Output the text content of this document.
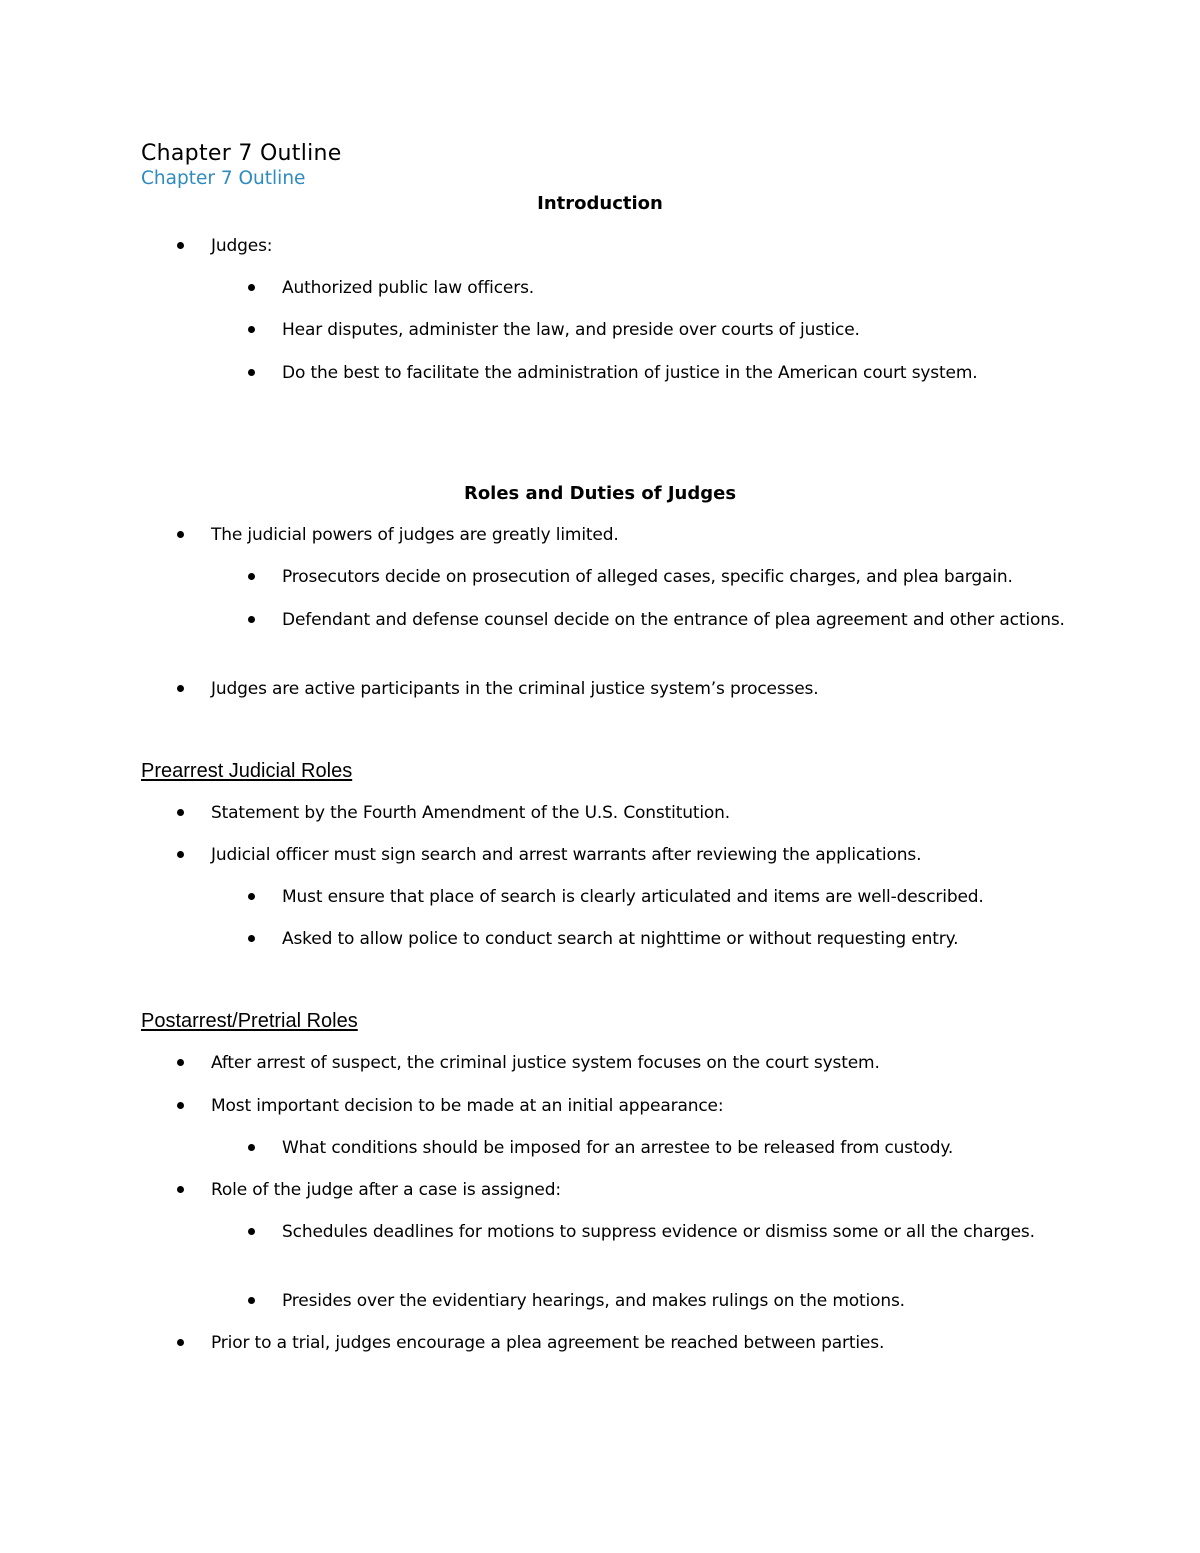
Chapter 7 Outline
Chapter 7 Outline
Introduction
Judges:
Authorized public law officers.
Hear disputes, administer the law, and preside over courts of justice.
Do the best to facilitate the administration of justice in the American court system.
Roles and Duties of Judges
The judicial powers of judges are greatly limited.
Prosecutors decide on prosecution of alleged cases, specific charges, and plea bargain.
Defendant and defense counsel decide on the entrance of plea agreement and other actions.
Judges are active participants in the criminal justice system’s processes.
Prearrest Judicial Roles
Statement by the Fourth Amendment of the U.S. Constitution.
Judicial officer must sign search and arrest warrants after reviewing the applications.
Must ensure that place of search is clearly articulated and items are well-described.
Asked to allow police to conduct search at nighttime or without requesting entry.
Postarrest/Pretrial Roles
After arrest of suspect, the criminal justice system focuses on the court system.
Most important decision to be made at an initial appearance:
What conditions should be imposed for an arrestee to be released from custody.
Role of the judge after a case is assigned:
Schedules deadlines for motions to suppress evidence or dismiss some or all the charges.
Presides over the evidentiary hearings, and makes rulings on the motions.
Prior to a trial, judges encourage a plea agreement be reached between parties.
